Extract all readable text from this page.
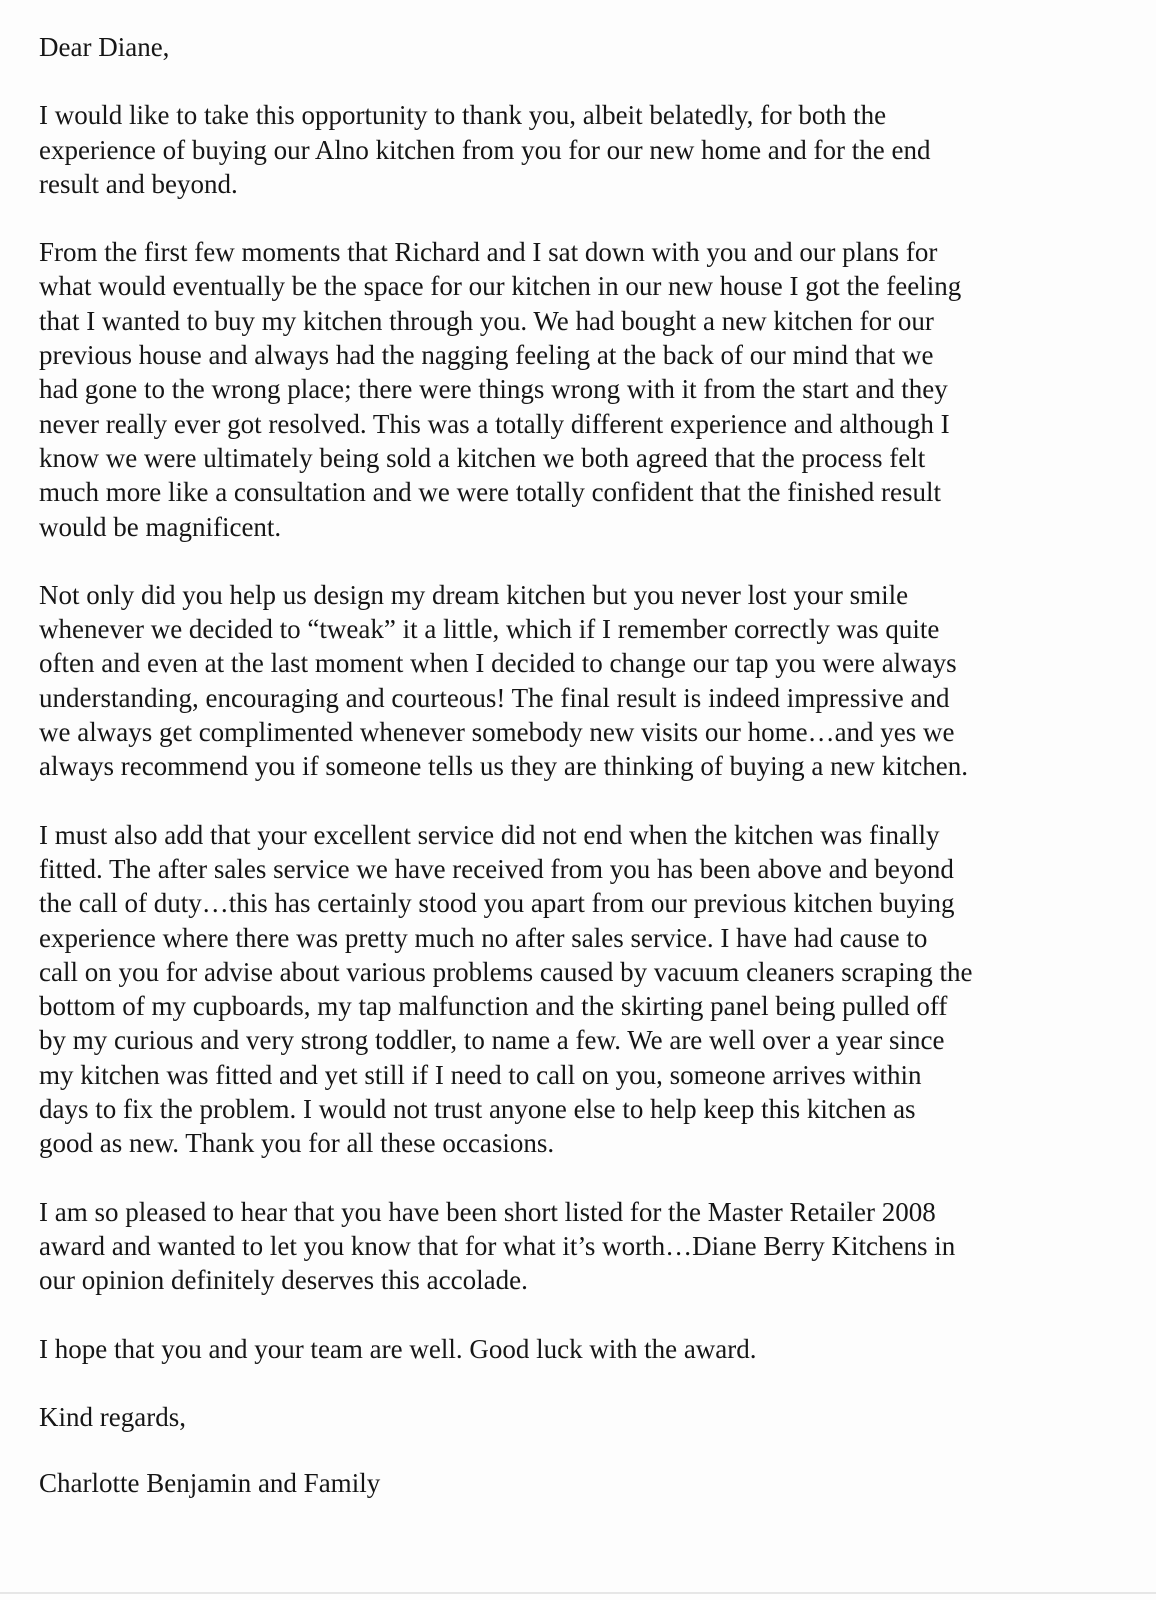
Dear Diane,

I would like to take this opportunity to thank you, albeit belatedly, for both the
experience of buying our Alno kitchen from you for our new home and for the end
result and beyond.

From the first few moments that Richard and I sat down with you and our plans for
what would eventually be the space for our kitchen in our new house I got the feeling
that I wanted to buy my kitchen through you. We had bought a new kitchen for our
previous house and always had the nagging feeling at the back of our mind that we
had gone to the wrong place; there were things wrong with it from the start and they
never really ever got resolved. This was a totally different experience and although I
know we were ultimately being sold a kitchen we both agreed that the process felt
much more like a consultation and we were totally confident that the finished result
would be magnificent.

Not only did you help us design my dream kitchen but you never lost your smile
whenever we decided to “tweak” it a little, which if I remember correctly was quite
often and even at the last moment when I decided to change our tap you were always
understanding, encouraging and courteous! The final result is indeed impressive and
we always get complimented whenever somebody new visits our home…and yes we
always recommend you if someone tells us they are thinking of buying a new kitchen.

I must also add that your excellent service did not end when the kitchen was finally
fitted. The after sales service we have received from you has been above and beyond
the call of duty…this has certainly stood you apart from our previous kitchen buying
experience where there was pretty much no after sales service. I have had cause to
call on you for advise about various problems caused by vacuum cleaners scraping the
bottom of my cupboards, my tap malfunction and the skirting panel being pulled off
by my curious and very strong toddler, to name a few. We are well over a year since
my kitchen was fitted and yet still if I need to call on you, someone arrives within
days to fix the problem. I would not trust anyone else to help keep this kitchen as
good as new. Thank you for all these occasions.

I am so pleased to hear that you have been short listed for the Master Retailer 2008
award and wanted to let you know that for what it’s worth…Diane Berry Kitchens in
our opinion definitely deserves this accolade.

I hope that you and your team are well. Good luck with the award.

Kind regards,

Charlotte Benjamin and Family
